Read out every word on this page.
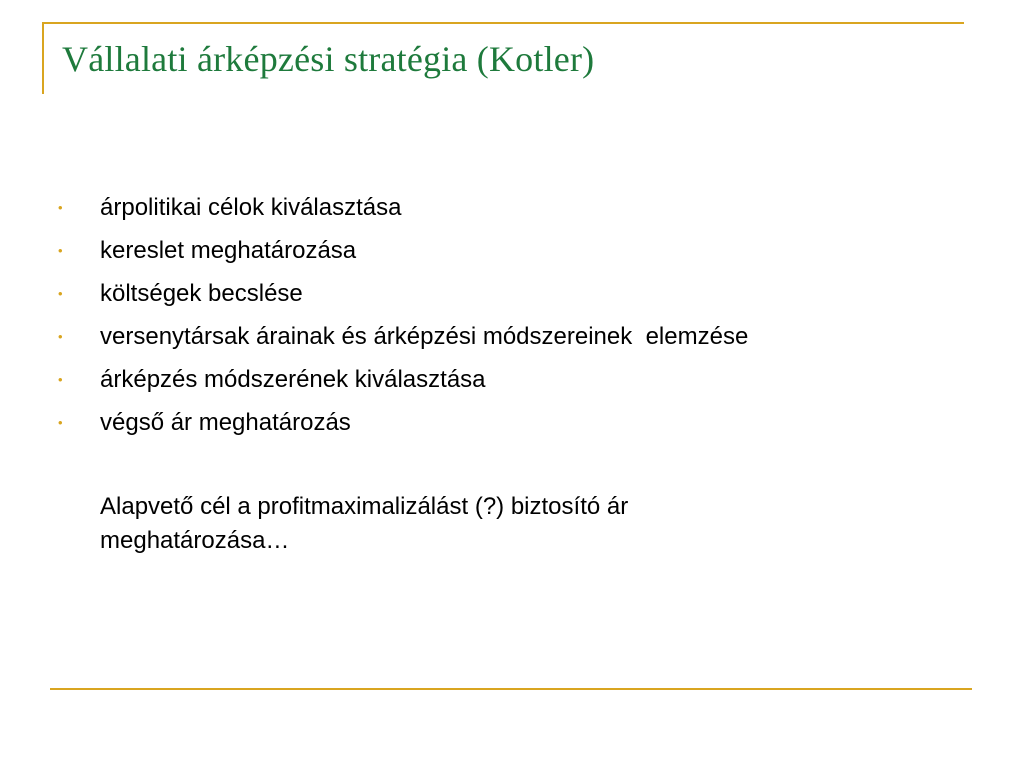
Vállalati árképzési stratégia (Kotler)
•	árpolitikai célok kiválasztása
•	kereslet meghatározása
•	költségek becslése
•	versenytársak árainak és árképzési módszereinek  elemzése
•	árképzés módszerének kiválasztása
•	végső ár meghatározás

Alapvető cél a profitmaximalizálást (?) biztosító ár meghatározása…
